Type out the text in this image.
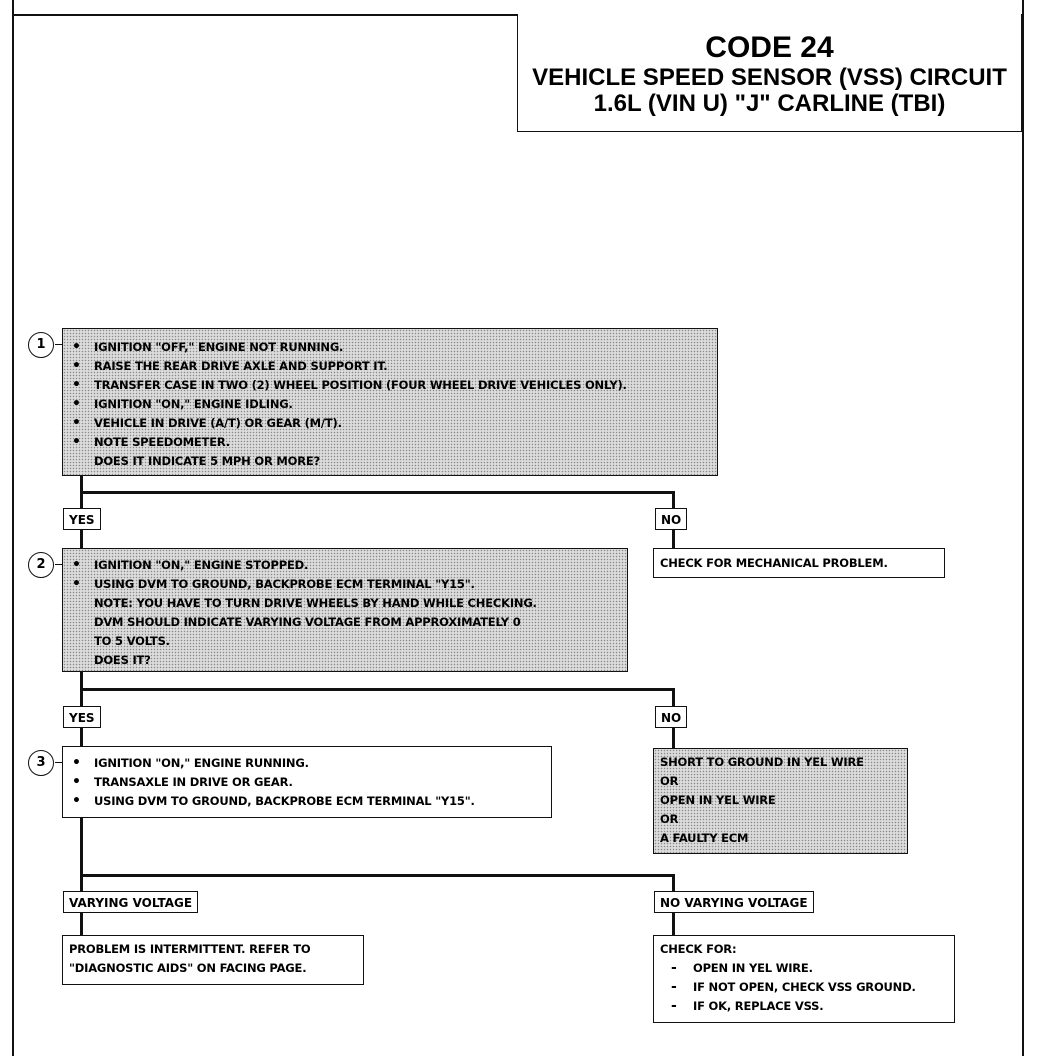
CODE 24
VEHICLE SPEED SENSOR (VSS) CIRCUIT
1.6L (VIN U) "J" CARLINE (TBI)
1	• IGNITION "OFF," ENGINE NOT RUNNING.
• RAISE THE REAR DRIVE AXLE AND SUPPORT IT.
• TRANSFER CASE IN TWO (2) WHEEL POSITION (FOUR WHEEL DRIVE VEHICLES ONLY).
• IGNITION "ON," ENGINE IDLING.
• VEHICLE IN DRIVE (A/T) OR GEAR (M/T).
• NOTE SPEEDOMETER.

DOES IT INDICATE 5 MPH OR MORE?

YES	NO
2	• IGNITION "ON," ENGINE STOPPED.
• USING DVM TO GROUND, BACKPROBE ECM TERMINAL "Y15".

NOTE: YOU HAVE TO TURN DRIVE WHEELS BY HAND WHILE CHECKING.

DVM SHOULD INDICATE VARYING VOLTAGE FROM APPROXIMATELY 0

TO 5 VOLTS.

DOES IT?

CHECK FOR MECHANICAL PROBLEM.

YES	NO
3	• IGNITION "ON," ENGINE RUNNING.
• TRANSAXLE IN DRIVE OR GEAR.
• USING DVM TO GROUND, BACKPROBE ECM TERMINAL "Y15".

SHORT TO GROUND IN YEL WIRE

OR

OPEN IN YEL WIRE

OR

A FAULTY ECM

VARYING VOLTAGE	NO VARYING VOLTAGE

PROBLEM IS INTERMITTENT. REFER TO

"DIAGNOSTIC AIDS" ON FACING PAGE.

CHECK FOR:

- OPEN IN YEL WIRE.
- IF NOT OPEN, CHECK VSS GROUND.
- IF OK, REPLACE VSS.
